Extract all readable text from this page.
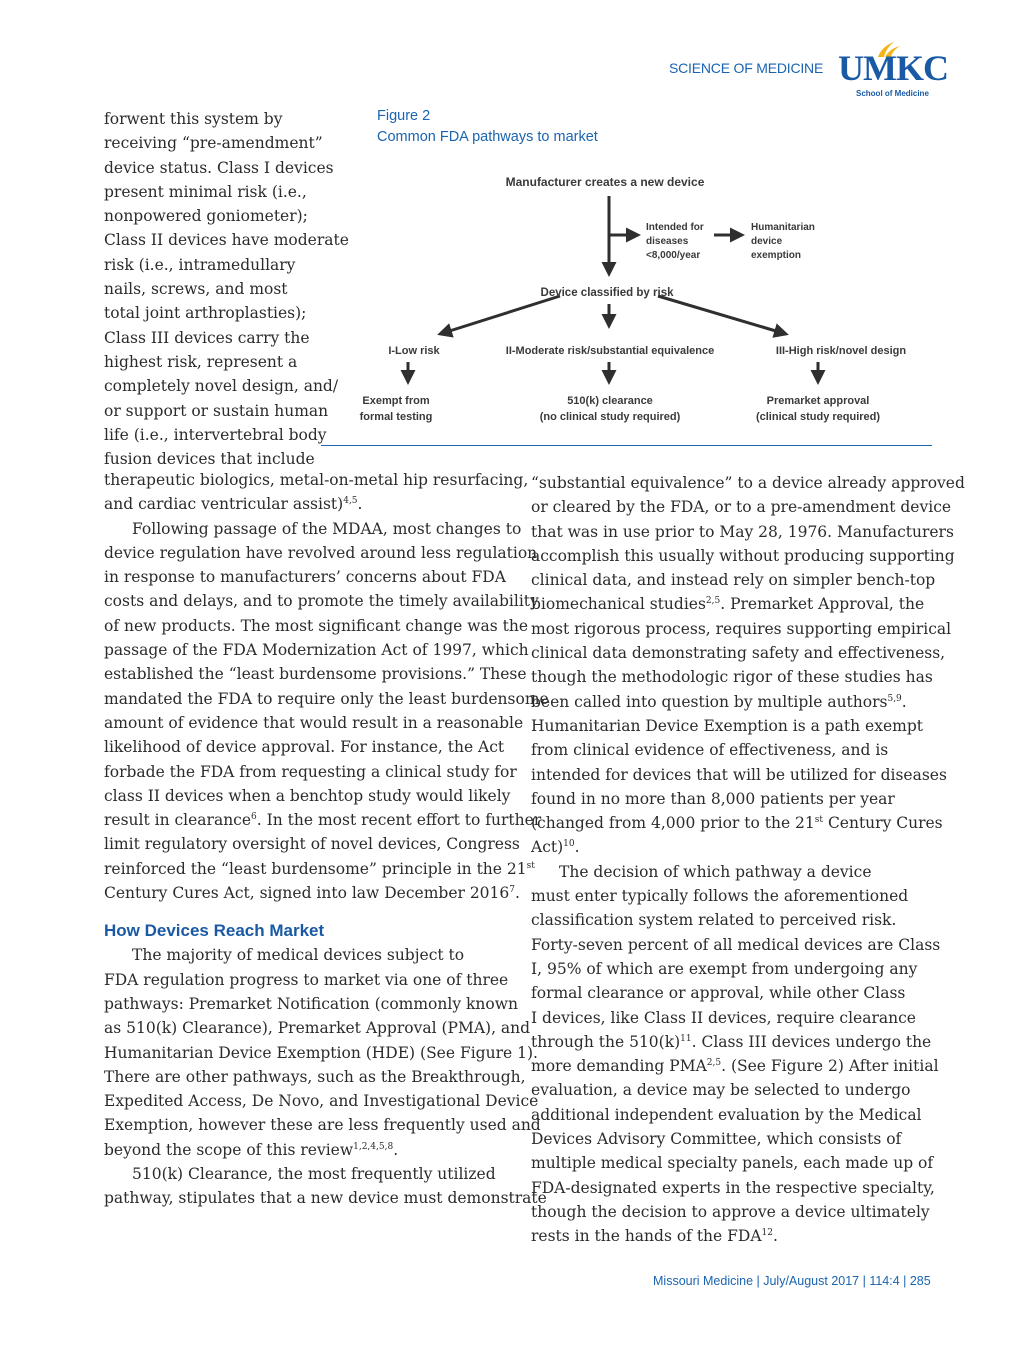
SCIENCE OF MEDICINE UMKC
School of Medicine
Figure 2
Common FDA pathways to market
Manufacturer creates a new device
Intended for
diseases
<8,000/year
Humanitarian
device
exemption
Device classified by risk
I-Low risk	II-Moderate risk/substantial equivalence	III-High risk/novel design
Exempt from
formal testing
510(k) clearance
(no clinical study required)
Premarket approval
(clinical study required)
forwent this system by
receiving “pre-amendment”
device status. Class I devices
present minimal risk (i.e.,
nonpowered goniometer);
Class II devices have moderate
risk (i.e., intramedullary
nails, screws, and most
total joint arthroplasties);
Class III devices carry the
highest risk, represent a
completely novel design, and/
or support or sustain human
life (i.e., intervertebral body
fusion devices that include
therapeutic biologics, metal-on-metal hip resurfacing,
and cardiac ventricular assist)$^{4,5}$.
Following passage of the MDAA, most changes to
device regulation have revolved around less regulation
in response to manufacturers’ concerns about FDA
costs and delays, and to promote the timely availability
of new products. The most significant change was the
passage of the FDA Modernization Act of 1997, which
established the “least burdensome provisions.” These
mandated the FDA to require only the least burdensome
amount of evidence that would result in a reasonable
likelihood of device approval. For instance, the Act
forbade the FDA from requesting a clinical study for
class II devices when a benchtop study would likely
result in clearance$^6$. In the most recent effort to further
limit regulatory oversight of novel devices, Congress
reinforced the “least burdensome” principle in the 21st
Century Cures Act, signed into law December 2016$^7$.
How Devices Reach Market
The majority of medical devices subject to
FDA regulation progress to market via one of three
pathways: Premarket Notification (commonly known
as 510(k) Clearance), Premarket Approval (PMA), and
Humanitarian Device Exemption (HDE) (See Figure 1).
There are other pathways, such as the Breakthrough,
Expedited Access, De Novo, and Investigational Device
Exemption, however these are less frequently used and
beyond the scope of this review$^{1,2,4,5,8}$.
510(k) Clearance, the most frequently utilized
pathway, stipulates that a new device must demonstrate
“substantial equivalence” to a device already approved
or cleared by the FDA, or to a pre-amendment device
that was in use prior to May 28, 1976. Manufacturers
accomplish this usually without producing supporting
clinical data, and instead rely on simpler bench-top
biomechanical studies$^{2,5}$. Premarket Approval, the
most rigorous process, requires supporting empirical
clinical data demonstrating safety and effectiveness,
though the methodologic rigor of these studies has
been called into question by multiple authors$^{5,9}$.
Humanitarian Device Exemption is a path exempt
from clinical evidence of effectiveness, and is
intended for devices that will be utilized for diseases
found in no more than 8,000 patients per year
(changed from 4,000 prior to the 21st Century Cures
Act)$^{10}$.
The decision of which pathway a device
must enter typically follows the aforementioned
classification system related to perceived risk.
Forty-seven percent of all medical devices are Class
I, 95% of which are exempt from undergoing any
formal clearance or approval, while other Class
I devices, like Class II devices, require clearance
through the $510(k)^{11}$. Class III devices undergo the
more demanding PMA$^{2,5}$. (See Figure 2) After initial
evaluation, a device may be selected to undergo
additional independent evaluation by the Medical
Devices Advisory Committee, which consists of
multiple medical specialty panels, each made up of
FDA-designated experts in the respective specialty,
though the decision to approve a device ultimately
rests in the hands of the FDA$^{12}$.
Missouri Medicine | July/August 2017 | 114:4 | 285
